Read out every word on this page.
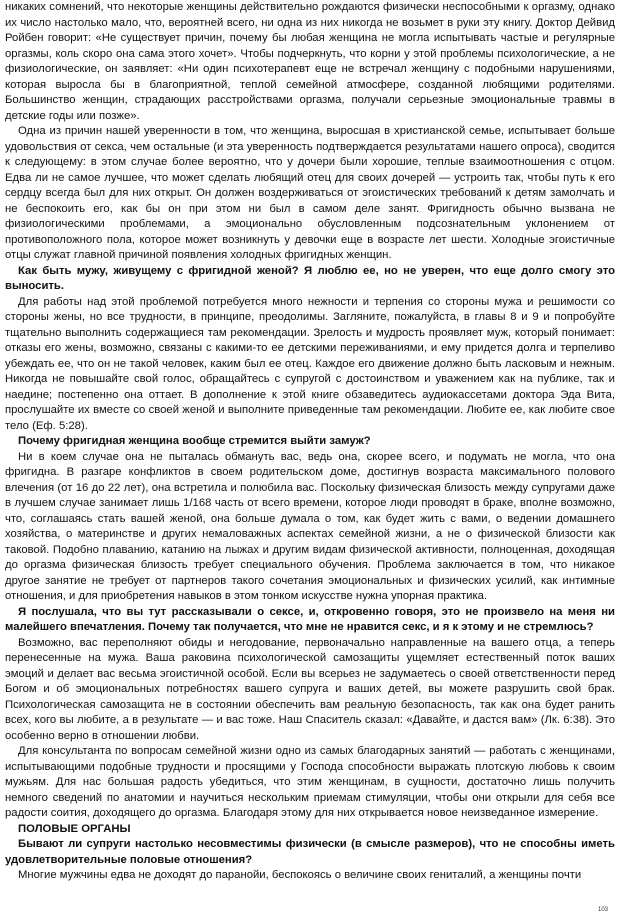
никаких сомнений, что некоторые женщины действительно рождаются физически неспособными к оргазму, однако их число настолько мало, что, вероятней всего, ни одна из них никогда не возьмет в руки эту книгу. Доктор Дейвид Ройбен говорит: «Не существует причин, почему бы любая женщина не могла испытывать частые и регулярные оргазмы, коль скоро она сама этого хочет». Чтобы подчеркнуть, что корни у этой проблемы психологические, а не физиологические, он заявляет: «Ни один психотерапевт еще не встречал женщину с подобными нарушениями, которая выросла бы в благоприятной, теплой семейной атмосфере, созданной любящими родителями. Большинство женщин, страдающих расстройствами оргазма, получали серьезные эмоциональные травмы в детские годы или позже».

Одна из причин нашей уверенности в том, что женщина, выросшая в христианской семье, испытывает больше удовольствия от секса, чем остальные (и эта уверенность подтверждается результатами нашего опроса), сводится к следующему: в этом случае более вероятно, что у дочери были хорошие, теплые взаимоотношения с отцом. Едва ли не самое лучшее, что может сделать любящий отец для своих дочерей — устроить так, чтобы путь к его сердцу всегда был для них открыт. Он должен воздерживаться от эгоистических требований к детям замолчать и не беспокоить его, как бы он при этом ни был в самом деле занят. Фригидность обычно вызвана не физиологическими проблемами, а эмоционально обусловленным подсознательным уклонением от противоположного пола, которое может возникнуть у девочки еще в возрасте лет шести. Холодные эгоистичные отцы служат главной причиной появления холодных фригидных женщин.

Как быть мужу, живущему с фригидной женой? Я люблю ее, но не уверен, что еще долго смогу это выносить.

Для работы над этой проблемой потребуется много нежности и терпения со стороны мужа и решимости со стороны жены, но все трудности, в принципе, преодолимы. Загляните, пожалуйста, в главы 8 и 9 и попробуйте тщательно выполнить содержащиеся там рекомендации. Зрелость и мудрость проявляет муж, который понимает: отказы его жены, возможно, связаны с какими-то ее детскими переживаниями, и ему придется долга и терпеливо убеждать ее, что он не такой человек, каким был ее отец. Каждое его движение должно быть ласковым и нежным. Никогда не повышайте свой голос, обращайтесь с супругой с достоинством и уважением как на публике, так и наедине; постепенно она оттает. В дополнение к этой книге обзаведитесь аудиокассетами доктора Эда Вита, прослушайте их вместе со своей женой и выполните приведенные там рекомендации. Любите ее, как любите свое тело (Еф. 5:28).

Почему фригидная женщина вообще стремится выйти замуж?

Ни в коем случае она не пыталась обмануть вас, ведь она, скорее всего, и подумать не могла, что она фригидна. В разгаре конфликтов в своем родительском доме, достигнув возраста максимального полового влечения (от 16 до 22 лет), она встретила и полюбила вас. Поскольку физическая близость между супругами даже в лучшем случае занимает лишь 1/168 часть от всего времени, которое люди проводят в браке, вполне возможно, что, соглашаясь стать вашей женой, она больше думала о том, как будет жить с вами, о ведении домашнего хозяйства, о материнстве и других немаловажных аспектах семейной жизни, а не о физической близости как таковой. Подобно плаванию, катанию на лыжах и другим видам физической активности, полноценная, доходящая до оргазма физическая близость требует специального обучения. Проблема заключается в том, что никакое другое занятие не требует от партнеров такого сочетания эмоциональных и физических усилий, как интимные отношения, и для приобретения навыков в этом тонком искусстве нужна упорная практика.

Я послушала, что вы тут рассказывали о сексе, и, откровенно говоря, это не произвело на меня ни малейшего впечатления. Почему так получается, что мне не нравится секс, и я к этому и не стремлюсь?

Возможно, вас переполняют обиды и негодование, первоначально направленные на вашего отца, а теперь перенесенные на мужа. Ваша раковина психологической самозащиты ущемляет естественный поток ваших эмоций и делает вас весьма эгоистичной особой. Если вы всерьез не задумаетесь о своей ответственности перед Богом и об эмоциональных потребностях вашего супруга и ваших детей, вы можете разрушить свой брак. Психологическая самозащита не в состоянии обеспечить вам реальную безопасность, так как она будет ранить всех, кого вы любите, а в результате — и вас тоже. Наш Спаситель сказал: «Давайте, и дастся вам» (Лк. 6:38). Это особенно верно в отношении любви.

Для консультанта по вопросам семейной жизни одно из самых благодарных занятий — работать с женщинами, испытывающими подобные трудности и просящими у Господа способности выражать плотскую любовь к своим мужьям. Для нас большая радость убедиться, что этим женщинам, в сущности, достаточно лишь получить немного сведений по анатомии и научиться нескольким приемам стимуляции, чтобы они открыли для себя все радости соития, доходящего до оргазма. Благодаря этому для них открывается новое неизведанное измерение.

ПОЛОВЫЕ ОРГАНЫ

Бывают ли супруги настолько несовместимы физически (в смысле размеров), что не способны иметь удовлетворительные половые отношения?

Многие мужчины едва не доходят до паранойи, беспокоясь о величине своих гениталий, а женщины почти

103
